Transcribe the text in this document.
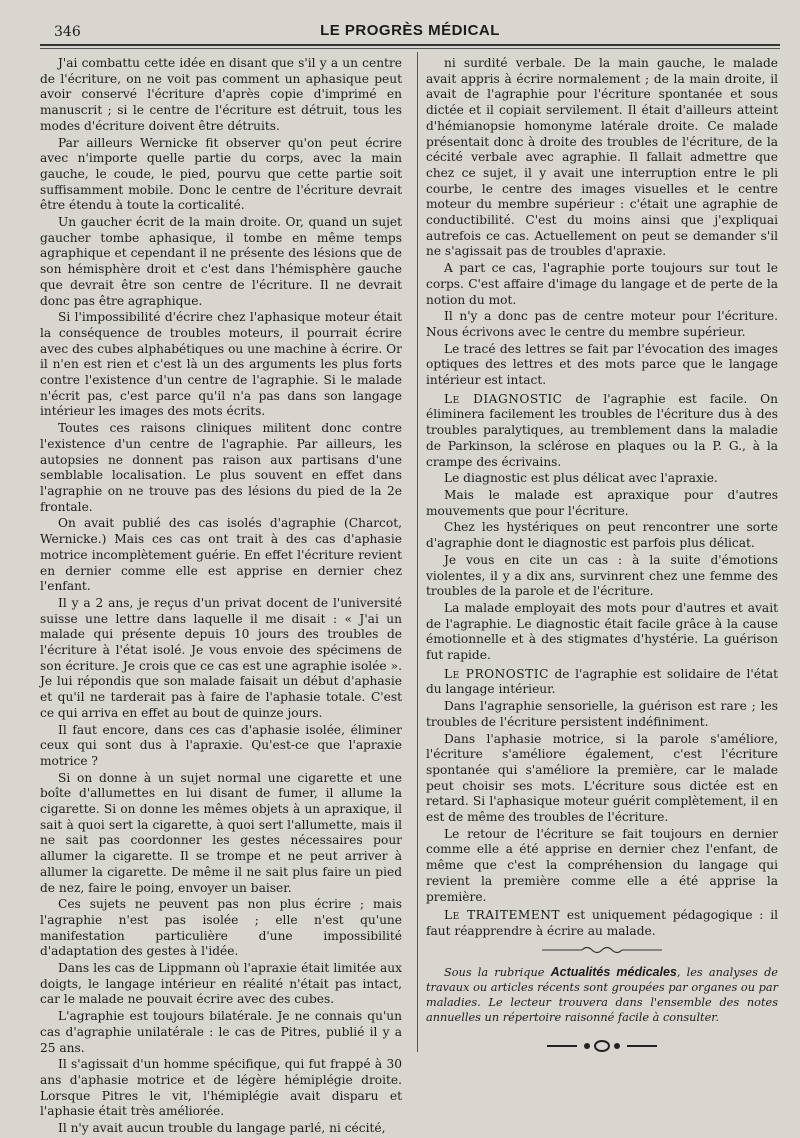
346	LE PROGRÈS MÉDICAL

J'ai combattu cette idée en disant que s'il y a un centre de l'écriture, on ne voit pas comment un aphasique peut avoir conservé l'écriture d'après copie d'imprimé en manuscrit ; si le centre de l'écriture est détruit, tous les modes d'écriture doivent être détruits.

Par ailleurs Wernicke fit observer qu'on peut écrire avec n'importe quelle partie du corps, avec la main gauche, le coude, le pied, pourvu que cette partie soit suffisamment mobile. Donc le centre de l'écriture devrait être étendu à toute la corticalité.

Un gaucher écrit de la main droite. Or, quand un sujet gaucher tombe aphasique, il tombe en même temps agraphique et cependant il ne présente des lésions que de son hémisphère droit et c'est dans l'hémisphère gauche que devrait être son centre de l'écriture. Il ne devrait donc pas être agraphique.

Si l'impossibilité d'écrire chez l'aphasique moteur était la conséquence de troubles moteurs, il pourrait écrire avec des cubes alphabétiques ou une machine à écrire. Or il n'en est rien et c'est là un des arguments les plus forts contre l'existence d'un centre de l'agraphie. Si le malade n'écrit pas, c'est parce qu'il n'a pas dans son langage intérieur les images des mots écrits.

Toutes ces raisons cliniques militent donc contre l'existence d'un centre de l'agraphie. Par ailleurs, les autopsies ne donnent pas raison aux partisans d'une semblable localisation. Le plus souvent en effet dans l'agraphie on ne trouve pas des lésions du pied de la 2e frontale.

On avait publié des cas isolés d'agraphie (Charcot, Wernicke.) Mais ces cas ont trait à des cas d'aphasie motrice incomplètement guérie. En effet l'écriture revient en dernier comme elle est apprise en dernier chez l'enfant.

Il y a 2 ans, je reçus d'un privat docent de l'université suisse une lettre dans laquelle il me disait : « J'ai un malade qui présente depuis 10 jours des troubles de l'écriture à l'état isolé. Je vous envoie des spécimens de son écriture. Je crois que ce cas est une agraphie isolée ». Je lui répondis que son malade faisait un début d'aphasie et qu'il ne tarderait pas à faire de l'aphasie totale. C'est ce qui arriva en effet au bout de quinze jours.

Il faut encore, dans ces cas d'aphasie isolée, éliminer ceux qui sont dus à l'apraxie. Qu'est-ce que l'apraxie motrice ?

Si on donne à un sujet normal une cigarette et une boîte d'allumettes en lui disant de fumer, il allume la cigarette. Si on donne les mêmes objets à un apraxique, il sait à quoi sert la cigarette, à quoi sert l'allumette, mais il ne sait pas coordonner les gestes nécessaires pour allumer la cigarette. Il se trompe et ne peut arriver à allumer la cigarette. De même il ne sait plus faire un pied de nez, faire le poing, envoyer un baiser.

Ces sujets ne peuvent pas non plus écrire ; mais l'agraphie n'est pas isolée ; elle n'est qu'une manifestation particulière d'une impossibilité d'adaptation des gestes à l'idée.

Dans les cas de Lippmann où l'apraxie était limitée aux doigts, le langage intérieur en réalité n'était pas intact, car le malade ne pouvait écrire avec des cubes.

L'agraphie est toujours bilatérale. Je ne connais qu'un cas d'agraphie unilatérale : le cas de Pitres, publié il y a 25 ans.

Il s'agissait d'un homme spécifique, qui fut frappé à 30 ans d'aphasie motrice et de légère hémiplégie droite. Lorsque Pitres le vit, l'hémiplégie avait disparu et l'aphasie était très améliorée.

Il n'y avait aucun trouble du langage parlé, ni cécité,

ni surdité verbale. De la main gauche, le malade avait appris à écrire normalement ; de la main droite, il avait de l'agraphie pour l'écriture spontanée et sous dictée et il copiait servilement. Il était d'ailleurs atteint d'hémianopsie homonyme latérale droite. Ce malade présentait donc à droite des troubles de l'écriture, de la cécité verbale avec agraphie. Il fallait admettre que chez ce sujet, il y avait une interruption entre le pli courbe, le centre des images visuelles et le centre moteur du membre supérieur : c'était une agraphie de conductibilité. C'est du moins ainsi que j'expliquai autrefois ce cas. Actuellement on peut se demander s'il ne s'agissait pas de troubles d'apraxie.

A part ce cas, l'agraphie porte toujours sur tout le corps. C'est affaire d'image du langage et de perte de la notion du mot.

Il n'y a donc pas de centre moteur pour l'écriture. Nous écrivons avec le centre du membre supérieur.

Le tracé des lettres se fait par l'évocation des images optiques des lettres et des mots parce que le langage intérieur est intact.

Le DIAGNOSTIC de l'agraphie est facile. On éliminera facilement les troubles de l'écriture dus à des troubles paralytiques, au tremblement dans la maladie de Parkinson, la sclérose en plaques ou la P. G., à la crampe des écrivains.

Le diagnostic est plus délicat avec l'apraxie.

Mais le malade est apraxique pour d'autres mouvements que pour l'écriture.

Chez les hystériques on peut rencontrer une sorte d'agraphie dont le diagnostic est parfois plus délicat.

Je vous en cite un cas : à la suite d'émotions violentes, il y a dix ans, survinrent chez une femme des troubles de la parole et de l'écriture.

La malade employait des mots pour d'autres et avait de l'agraphie. Le diagnostic était facile grâce à la cause émotionnelle et à des stigmates d'hystérie. La guérison fut rapide.

Le PRONOSTIC de l'agraphie est solidaire de l'état du langage intérieur.

Dans l'agraphie sensorielle, la guérison est rare ; les troubles de l'écriture persistent indéfiniment.

Dans l'aphasie motrice, si la parole s'améliore, l'écriture s'améliore également, c'est l'écriture spontanée qui s'améliore la première, car le malade peut choisir ses mots. L'écriture sous dictée est en retard. Si l'aphasique moteur guérit complètement, il en est de même des troubles de l'écriture.

Le retour de l'écriture se fait toujours en dernier comme elle a été apprise en dernier chez l'enfant, de même que c'est la compréhension du langage qui revient la première comme elle a été apprise la première.

Le TRAITEMENT est uniquement pédagogique : il faut réapprendre à écrire au malade.

Sous la rubrique Actualités médicales, les analyses de travaux ou articles récents sont groupées par organes ou par maladies. Le lecteur trouvera dans l'ensemble des notes annuelles un répertoire raisonné facile à consulter.
